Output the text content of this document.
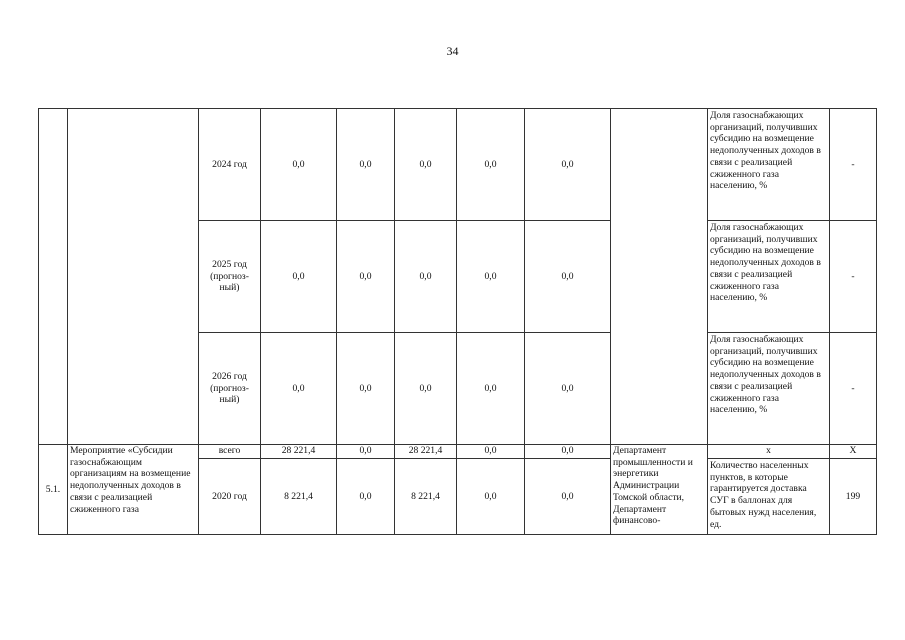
34
		2024 год	0,0	0,0	0,0	0,0	0,0		Доля газоснабжающих организаций, получивших субсидию на возмещение недополученных доходов в связи с реализацией сжиженного газа населению, %	-
		2025 год (прогноз-ный)	0,0	0,0	0,0	0,0	0,0		Доля газоснабжающих организаций, получивших субсидию на возмещение недополученных доходов в связи с реализацией сжиженного газа населению, %	-
		2026 год (прогноз-ный)	0,0	0,0	0,0	0,0	0,0		Доля газоснабжающих организаций, получивших субсидию на возмещение недополученных доходов в связи с реализацией сжиженного газа населению, %	-
5.1.	Мероприятие «Субсидии газоснабжающим организациям на возмещение недополученных доходов в связи с реализацией сжиженного газа	всего	28 221,4	0,0	28 221,4	0,0	0,0	Департамент промышленности и энергетики Администрации Томской области, Департамент финансово-	х	Х
		2020 год	8 221,4	0,0	8 221,4	0,0	0,0		Количество населенных пунктов, в которые гарантируется доставка СУГ в баллонах для бытовых нужд населения, ед.	199
